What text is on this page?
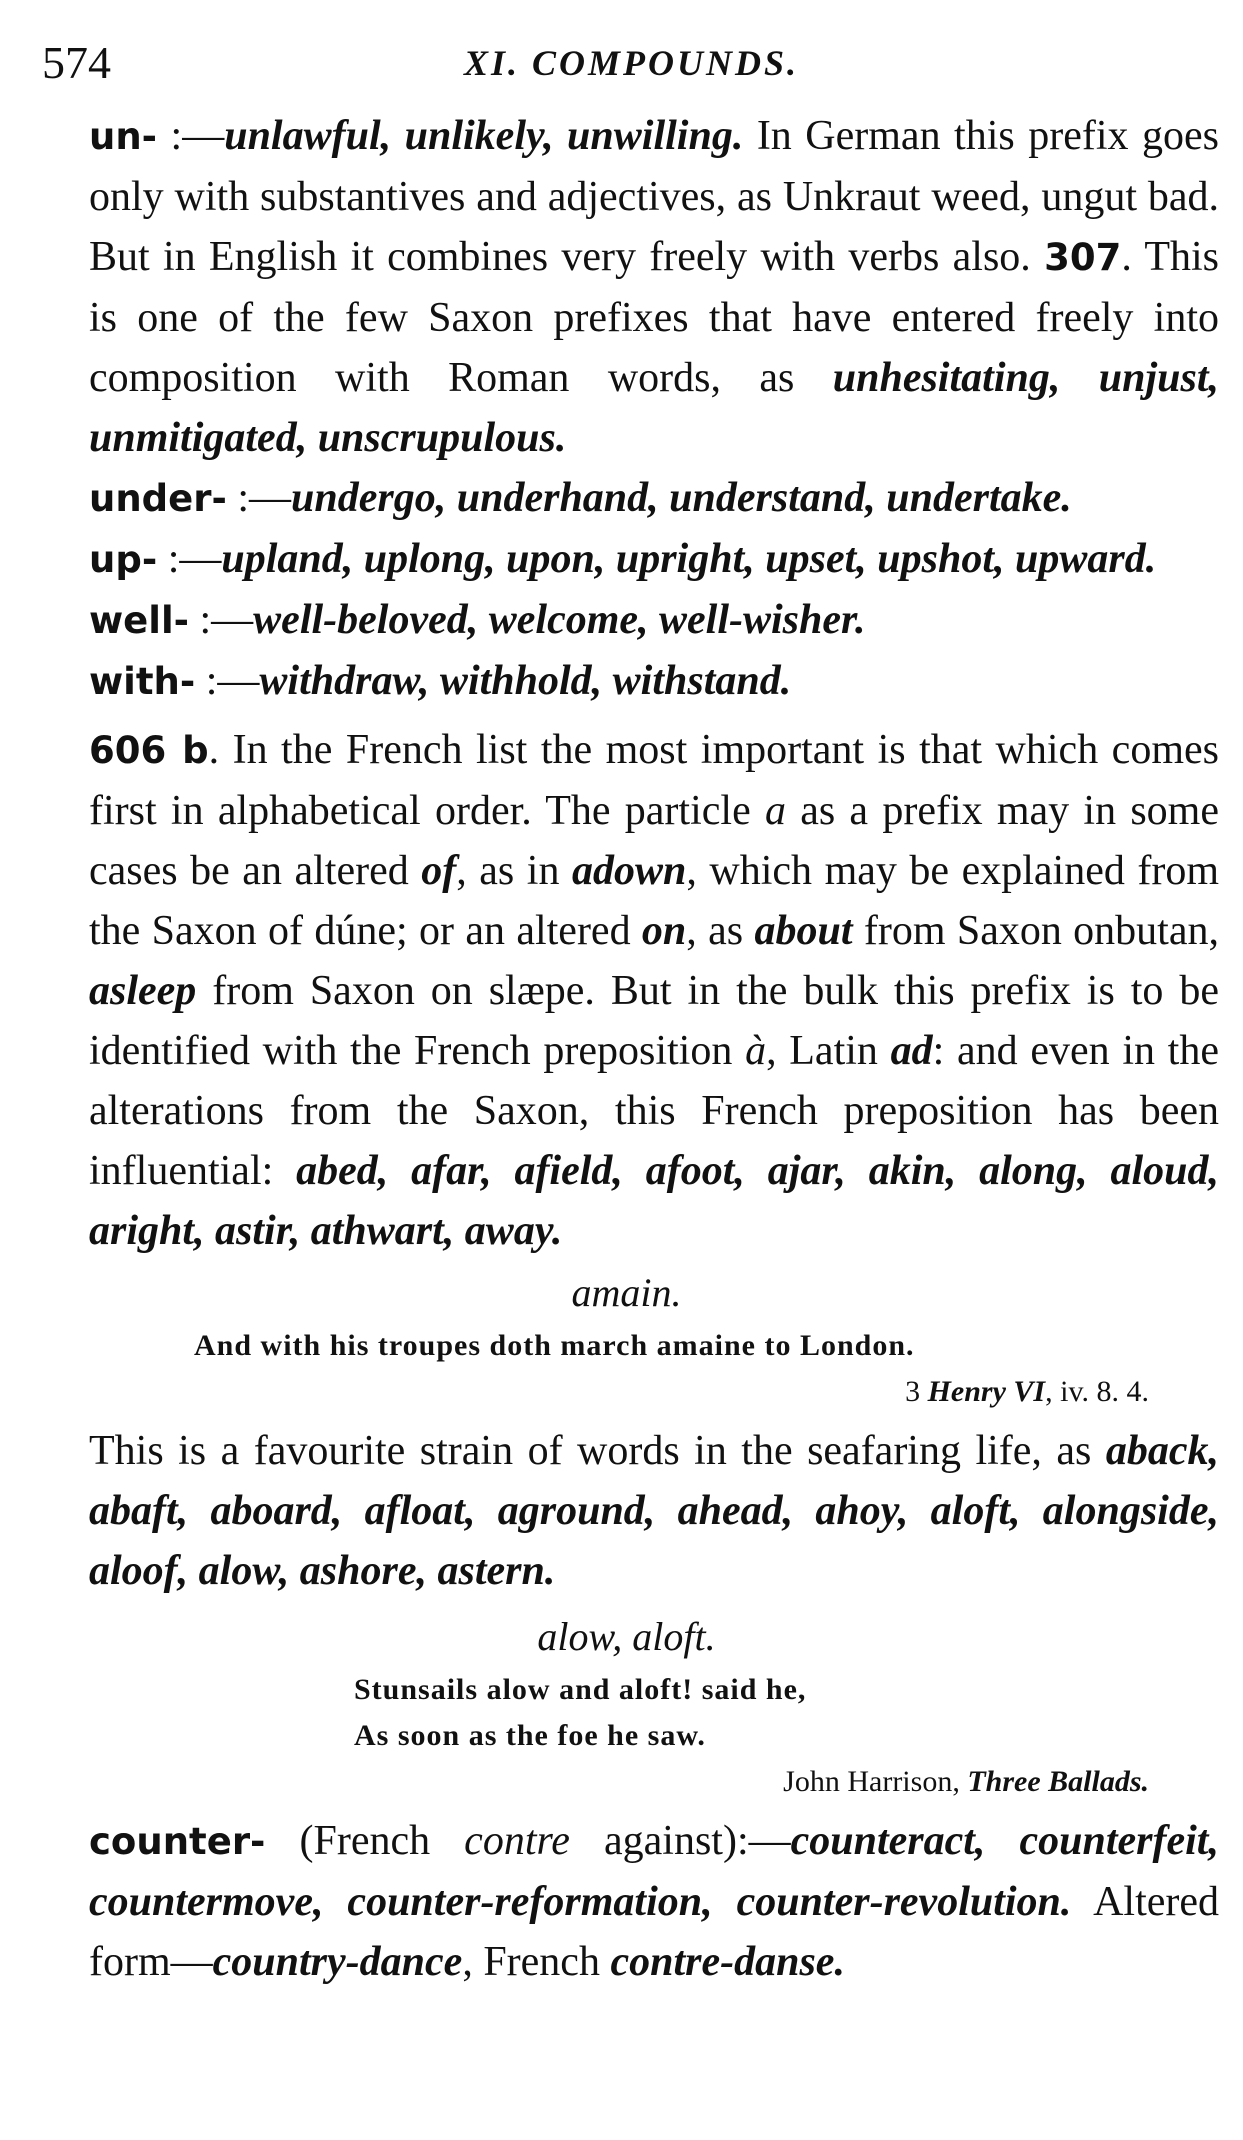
574	XI. COMPOUNDS.
un- :—unlawful, unlikely, unwilling. In German this prefix goes only with substantives and adjectives, as Unkraut weed, ungut bad. But in English it combines very freely with verbs also. 307. This is one of the few Saxon prefixes that have entered freely into composition with Roman words, as unhesitating, unjust, unmitigated, unscrupulous.
under- :—undergo, underhand, understand, undertake.
up- :—upland, uplong, upon, upright, upset, upshot, upward.
well- :—well-beloved, welcome, well-wisher.
with- :—withdraw, withhold, withstand.
606 b. In the French list the most important is that which comes first in alphabetical order. The particle a as a prefix may in some cases be an altered of, as in adown, which may be explained from the Saxon of dúne; or an altered on, as about from Saxon onbutan, asleep from Saxon on slæpe. But in the bulk this prefix is to be identified with the French preposition à, Latin ad: and even in the alterations from the Saxon, this French preposition has been influential: abed, afar, afield, afoot, ajar, akin, along, aloud, aright, astir, athwart, away.
amain.
And with his troupes doth march amaine to London.
3 Henry VI, iv. 8. 4.
This is a favourite strain of words in the seafaring life, as aback, abaft, aboard, afloat, aground, ahead, ahoy, aloft, alongside, aloof, alow, ashore, astern.
alow, aloft.
Stunsails alow and aloft! said he,
As soon as the foe he saw.
John Harrison, Three Ballads.
counter- (French contre against):—counteract, counterfeit, countermove, counter-reformation, counter-revolution. Altered form—country-dance, French contre-danse.
